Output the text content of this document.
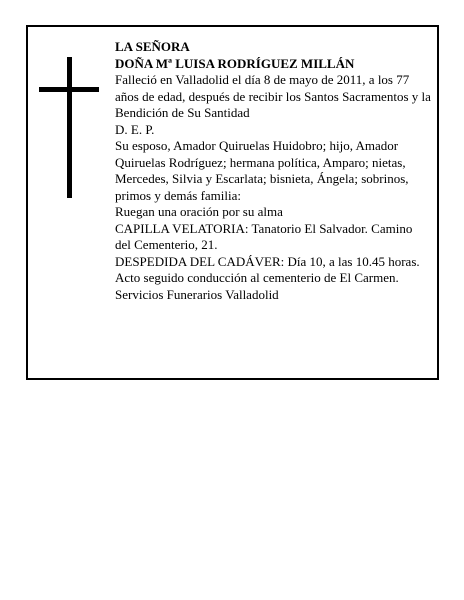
LA SEÑORA

DOÑA Mª LUISA RODRÍGUEZ MILLÁN

Falleció en Valladolid el día 8 de mayo de 2011, a los 77 años de edad, después de recibir los Santos Sacramentos y la Bendición de Su Santidad

D. E. P.

Su esposo, Amador Quiruelas Huidobro; hijo, Amador Quiruelas Rodríguez; hermana política, Amparo; nietas, Mercedes, Silvia y Escarlata; bisnieta, Ángela; sobrinos, primos y demás familia:

Ruegan una oración por su alma

CAPILLA VELATORIA: Tanatorio El Salvador. Camino del Cementerio, 21.

DESPEDIDA DEL CADÁVER: Día 10, a las 10.45 horas. Acto seguido conducción al cementerio de El Carmen.

Servicios Funerarios Valladolid
